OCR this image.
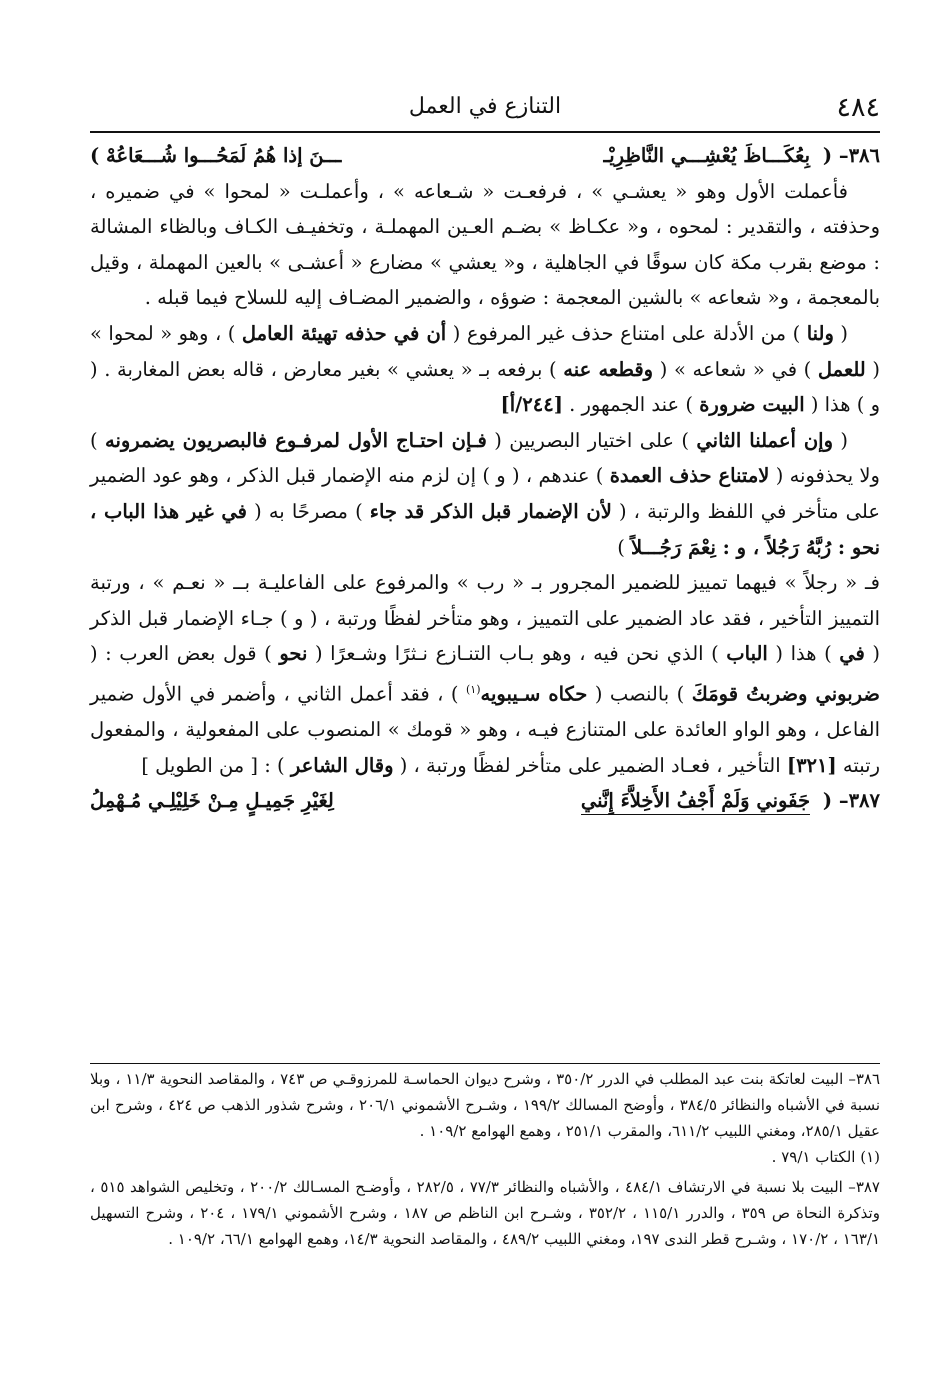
٤٨٤
التنازع في العمل
٣٨٦– ( بِعُكَـــاظَ يُعْشِـــي النَّاظِرِيْـ
ـــنَ إذا هُمُ لَمَحُـــوا شُـــعَاعُهْ )

فأعملت الأول وهو « يعشـي » ، فرفعـت « شـعاعه » ، وأعملـت « لمحوا » في ضميره ، وحذفته ، والتقدير : لمحوه ، و« عكـاظ » بضـم العـين المهملـة ، وتخفيـف الكـاف وبالظاء المشالة : موضع بقرب مكة كان سوقًا في الجاهلية ، و« يعشي » مضارع « أعشـى » بالعين المهملة ، وقيل بالمعجمة ، و« شعاعه » بالشين المعجمة : ضوؤه ، والضمير المضـاف إليه للسلاح فيما قبله .

( ولنا ) من الأدلة على امتناع حذف غير المرفوع ( أن في حذفه تهيئة العامل ) ، وهو « لمحوا » ( للعمل ) في « شعاعه » ( وقطعه عنه ) برفعه بـ « يعشي » بغير معارض ، قاله بعض المغاربة . ( و ) هذا ( البيت ضرورة ) عند الجمهور . [٢٤٤/أ]

( وإن أعملنا الثاني ) على اختيار البصريين ( فـإن احتـاج الأول لمرفـوع فالبصريون يضمرونه ) ولا يحذفونه ( لامتناع حذف العمدة ) عندهم ، ( و ) إن لزم منه الإضمار قبل الذكر ، وهو عود الضمير على متأخر في اللفظ والرتبة ، ( لأن الإضمار قبل الذكر قد جاء ) مصرحًا به ( في غير هذا الباب ، نحو : رُبَّهُ رَجُلاً ، و : نِعْمَ رَجُـــلاً )

فـ « رجلاً » فيهما تمييز للضمير المجرور بـ « رب » والمرفوع على الفاعليـة بــ « نعـم » ، ورتبة التمييز التأخير ، فقد عاد الضمير على التمييز ، وهو متأخر لفظًا ورتبة ، ( و ) جـاء الإضمار قبل الذكر ( في ) هذا ( الباب ) الذي نحن فيه ، وهو بـاب التنـازع نـثرًا وشـعرًا ( نحو ) قول بعض العرب : ( ضربوني وضربتُ قومَكَ ) بالنصب ( حكاه سـيبويه$^{(١)}$ ) ، فقد أعمل الثاني ، وأضمر في الأول ضمير الفاعل ، وهو الواو العائدة على المتنازع فيـه ، وهو « قومك » المنصوب على المفعولية ، والمفعول رتبته [٣٢١] التأخير ، فعـاد الضمير على متأخر لفظًا ورتبة ، ( وقال الشاعر ) : [ من الطويل ]

٣٨٧– ( جَفَوني وَلَمْ أَجْفُ الأَخِلاَّءَ إِنَّني
لِغَيْرِ جَمِيـلٍ مِـنْ خَلِيْلِـي مُـهْمِلُ

٣٨٦– البيت لعاتكة بنت عبد المطلب في الدرر ٣٥٠/٢ ، وشرح ديوان الحماسـة للمرزوقـي ص ٧٤٣ ، والمقاصد النحوية ١١/٣ ، وبلا نسبة في الأشباه والنظائر ٣٨٤/٥ ، وأوضح المسالك ١٩٩/٢ ، وشـرح الأشموني ٢٠٦/١ ، وشرح شذور الذهب ص ٤٢٤ ، وشرح ابن عقيل ٢٨٥/١، ومغني اللبيب ٦١١/٢، والمقرب ٢٥١/١ ، وهمع الهوامع ١٠٩/٢ .

(١) الكتاب ٧٩/١ .

٣٨٧– البيت بلا نسبة في الارتشاف ٤٨٤/١ ، والأشباه والنظائر ٧٧/٣ ، ٢٨٢/٥ ، وأوضـح المسـالك ٢٠٠/٢ ، وتخليص الشواهد ٥١٥ ، وتذكرة النحاة ص ٣٥٩ ، والدرر ١١٥/١ ، ٣٥٢/٢ ، وشـرح ابن الناظم ص ١٨٧ ، وشرح الأشموني ١٧٩/١ ، ٢٠٤ ، وشرح التسهيل ١٦٣/١ ، ١٧٠/٢ ، وشـرح قطر الندى ١٩٧، ومغني اللبيب ٤٨٩/٢ ، والمقاصد النحوية ١٤/٣، وهمع الهوامع ٦٦/١، ١٠٩/٢ .
